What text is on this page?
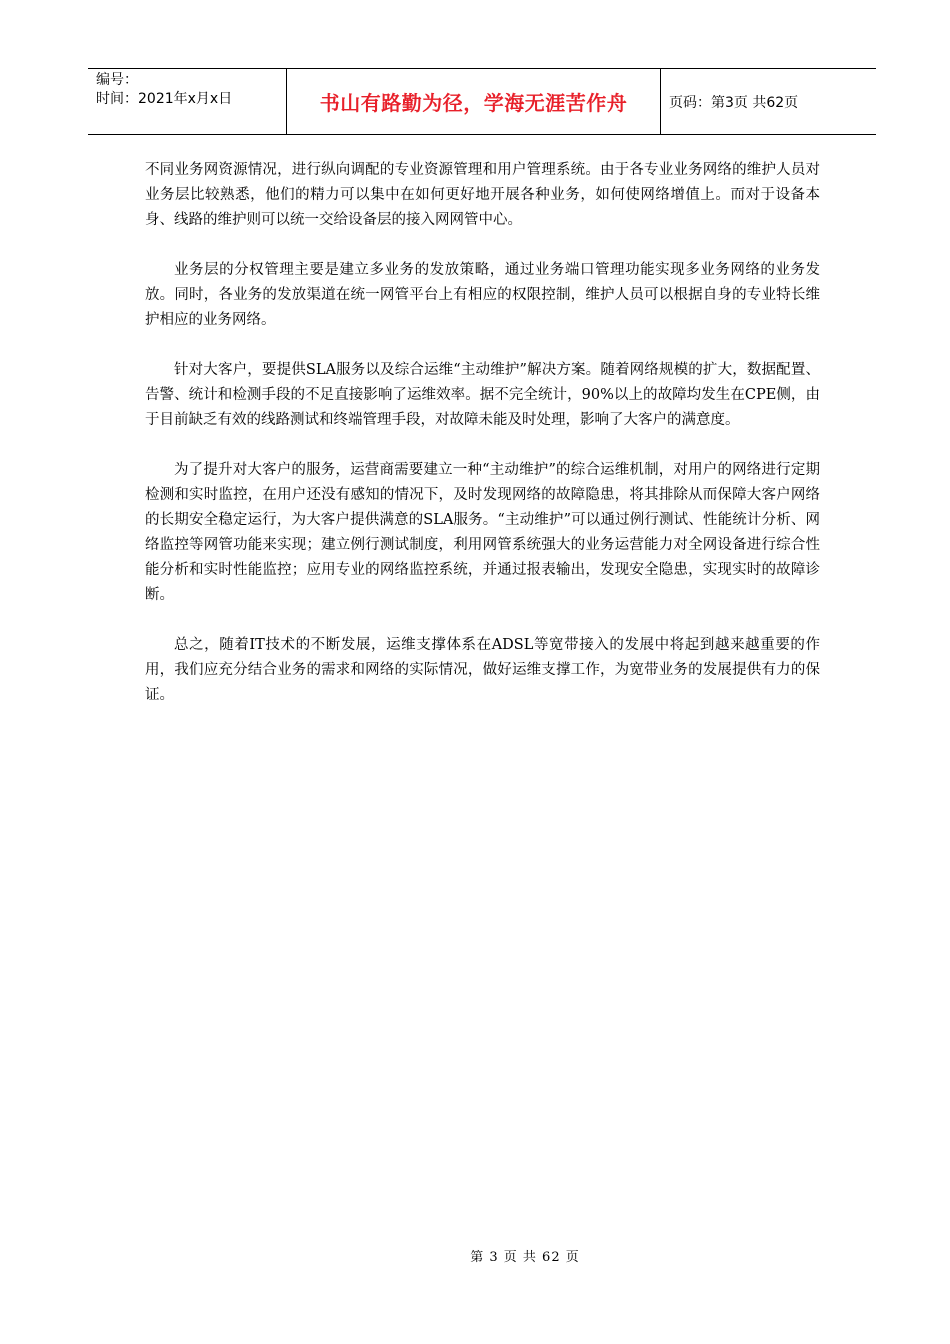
编号：
时间：2021年x月x日	书山有路勤为径，学海无涯苦作舟	页码：第3页 共62页

不同业务网资源情况，进行纵向调配的专业资源管理和用户管理系统。由于各专业业务网络的维护人员对业务层比较熟悉，他们的精力可以集中在如何更好地开展各种业务，如何使网络增值上。而对于设备本身、线路的维护则可以统一交给设备层的接入网网管中心。

业务层的分权管理主要是建立多业务的发放策略，通过业务端口管理功能实现多业务网络的业务发放。同时，各业务的发放渠道在统一网管平台上有相应的权限控制，维护人员可以根据自身的专业特长维护相应的业务网络。

针对大客户，要提供SLA服务以及综合运维“主动维护”解决方案。随着网络规模的扩大，数据配置、告警、统计和检测手段的不足直接影响了运维效率。据不完全统计，90%以上的故障均发生在CPE侧，由于目前缺乏有效的线路测试和终端管理手段，对故障未能及时处理，影响了大客户的满意度。

为了提升对大客户的服务，运营商需要建立一种“主动维护”的综合运维机制，对用户的网络进行定期检测和实时监控，在用户还没有感知的情况下，及时发现网络的故障隐患，将其排除从而保障大客户网络的长期安全稳定运行，为大客户提供满意的SLA服务。“主动维护”可以通过例行测试、性能统计分析、网络监控等网管功能来实现；建立例行测试制度，利用网管系统强大的业务运营能力对全网设备进行综合性能分析和实时性能监控；应用专业的网络监控系统，并通过报表输出，发现安全隐患，实现实时的故障诊断。

总之，随着IT技术的不断发展，运维支撑体系在ADSL等宽带接入的发展中将起到越来越重要的作用，我们应充分结合业务的需求和网络的实际情况，做好运维支撑工作，为宽带业务的发展提供有力的保证。

第 3 页 共 62 页
